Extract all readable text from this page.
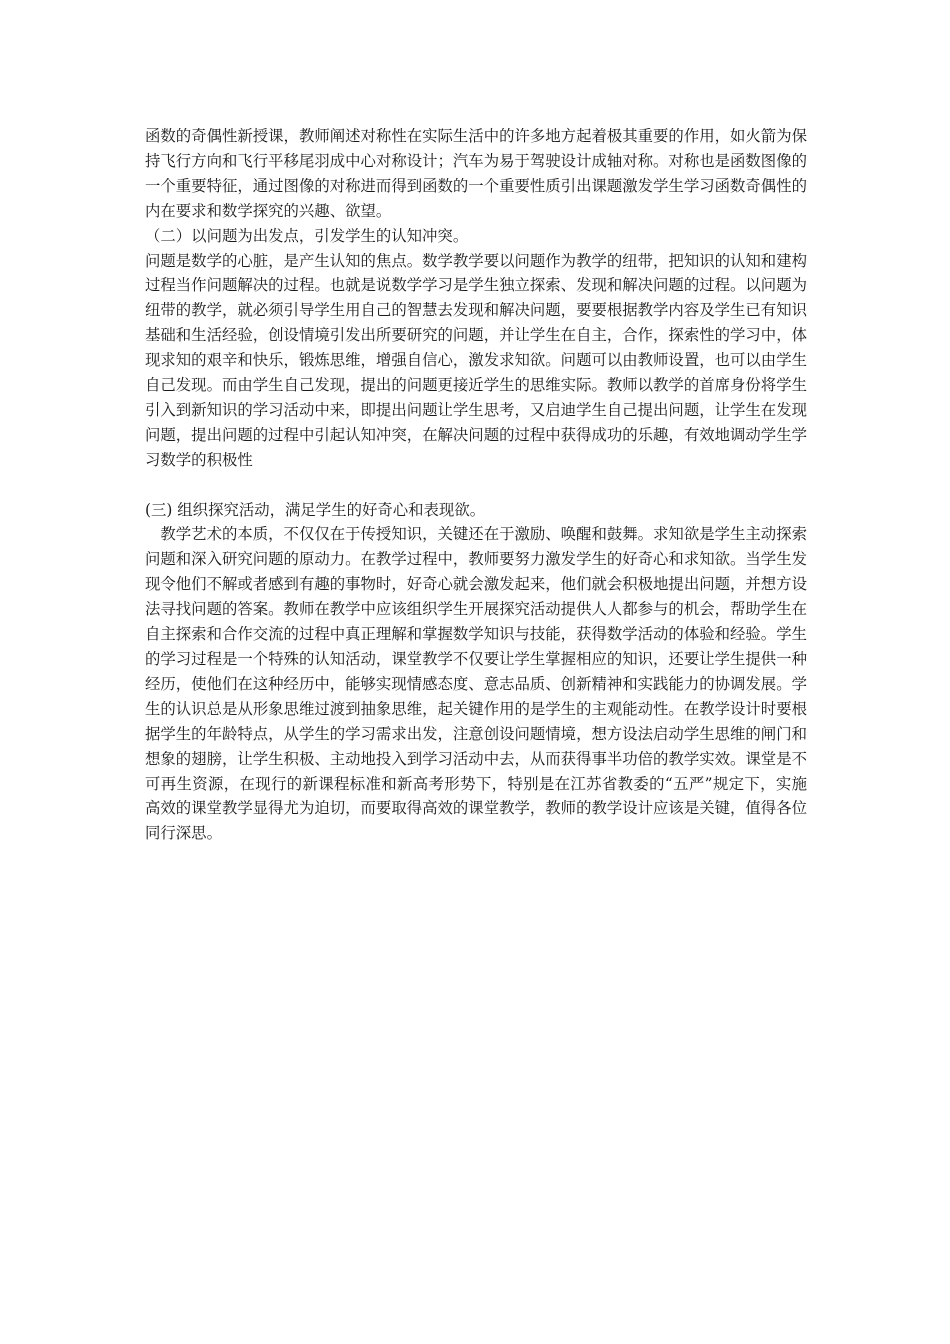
函数的奇偶性新授课，教师阐述对称性在实际生活中的许多地方起着极其重要的作用，如火箭为保持飞行方向和飞行平移尾羽成中心对称设计；汽车为易于驾驶设计成轴对称。对称也是函数图像的一个重要特征，通过图像的对称进而得到函数的一个重要性质引出课题激发学生学习函数奇偶性的内在要求和数学探究的兴趣、欲望。

（二）以问题为出发点，引发学生的认知冲突。

问题是数学的心脏，是产生认知的焦点。数学教学要以问题作为教学的纽带，把知识的认知和建构过程当作问题解决的过程。也就是说数学学习是学生独立探索、发现和解决问题的过程。以问题为纽带的教学，就必须引导学生用自己的智慧去发现和解决问题，要要根据教学内容及学生已有知识基础和生活经验，创设情境引发出所要研究的问题，并让学生在自主，合作，探索性的学习中，体现求知的艰辛和快乐，锻炼思维，增强自信心，激发求知欲。问题可以由教师设置，也可以由学生自己发现。而由学生自己发现，提出的问题更接近学生的思维实际。教师以教学的首席身份将学生引入到新知识的学习活动中来，即提出问题让学生思考，又启迪学生自己提出问题，让学生在发现问题，提出问题的过程中引起认知冲突，在解决问题的过程中获得成功的乐趣，有效地调动学生学习数学的积极性

(三) 组织探究活动，满足学生的好奇心和表现欲。

教学艺术的本质，不仅仅在于传授知识，关键还在于激励、唤醒和鼓舞。求知欲是学生主动探索问题和深入研究问题的原动力。在教学过程中，教师要努力激发学生的好奇心和求知欲。当学生发现令他们不解或者感到有趣的事物时，好奇心就会激发起来，他们就会积极地提出问题，并想方设法寻找问题的答案。教师在教学中应该组织学生开展探究活动提供人人都参与的机会，帮助学生在自主探索和合作交流的过程中真正理解和掌握数学知识与技能，获得数学活动的体验和经验。学生的学习过程是一个特殊的认知活动，课堂教学不仅要让学生掌握相应的知识，还要让学生提供一种经历，使他们在这种经历中，能够实现情感态度、意志品质、创新精神和实践能力的协调发展。学生的认识总是从形象思维过渡到抽象思维，起关键作用的是学生的主观能动性。在教学设计时要根据学生的年龄特点，从学生的学习需求出发，注意创设问题情境，想方设法启动学生思维的闸门和想象的翅膀，让学生积极、主动地投入到学习活动中去，从而获得事半功倍的教学实效。课堂是不可再生资源，在现行的新课程标准和新高考形势下，特别是在江苏省教委的“五严”规定下，实施高效的课堂教学显得尤为迫切，而要取得高效的课堂教学，教师的教学设计应该是关键，值得各位同行深思。
